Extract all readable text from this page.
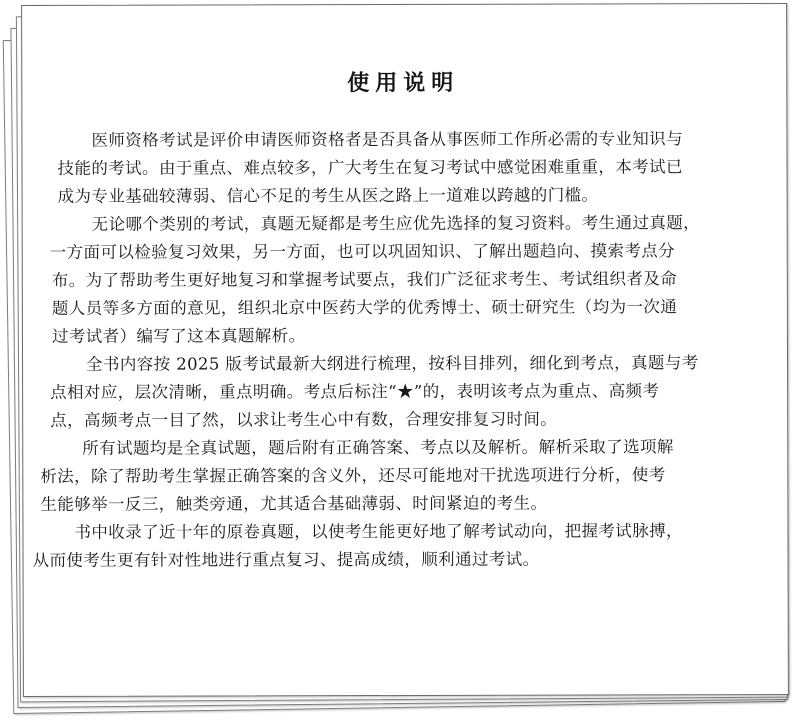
使用说明
医师资格考试是评价申请医师资格者是否具备从事医师工作所必需的专业知识与
技能的考试。由于重点、难点较多，广大考生在复习考试中感觉困难重重，本考试已
成为专业基础较薄弱、信心不足的考生从医之路上一道难以跨越的门槛。
无论哪个类别的考试，真题无疑都是考生应优先选择的复习资料。考生通过真题，
一方面可以检验复习效果，另一方面，也可以巩固知识、了解出题趋向、摸索考点分
布。为了帮助考生更好地复习和掌握考试要点，我们广泛征求考生、考试组织者及命
题人员等多方面的意见，组织北京中医药大学的优秀博士、硕士研究生（均为一次通
过考试者）编写了这本真题解析。
全书内容按 2025 版考试最新大纲进行梳理，按科目排列，细化到考点，真题与考
点相对应，层次清晰，重点明确。考点后标注“★”的，表明该考点为重点、高频考
点，高频考点一目了然，以求让考生心中有数，合理安排复习时间。
所有试题均是全真试题，题后附有正确答案、考点以及解析。解析采取了选项解
析法，除了帮助考生掌握正确答案的含义外，还尽可能地对干扰选项进行分析，使考
生能够举一反三，触类旁通，尤其适合基础薄弱、时间紧迫的考生。
书中收录了近十年的原卷真题，以使考生能更好地了解考试动向，把握考试脉搏，
从而使考生更有针对性地进行重点复习、提高成绩，顺利通过考试。
